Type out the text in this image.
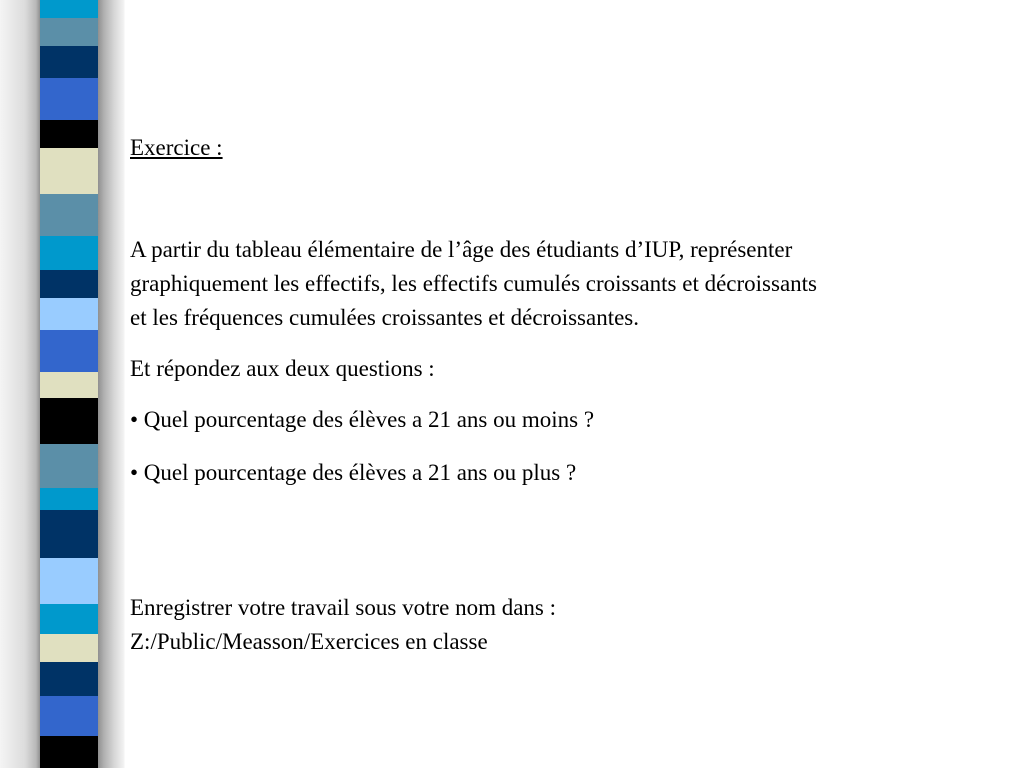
Exercice :
A partir du tableau élémentaire de l’âge des étudiants d’IUP, représenter
graphiquement les effectifs, les effectifs cumulés croissants et décroissants
et les fréquences cumulées croissantes et décroissantes.
Et répondez aux deux questions :
• Quel pourcentage des élèves a 21 ans ou moins ?
• Quel pourcentage des élèves a 21 ans ou plus ?
Enregistrer votre travail sous votre nom dans :
Z:/Public/Measson/Exercices en classe
